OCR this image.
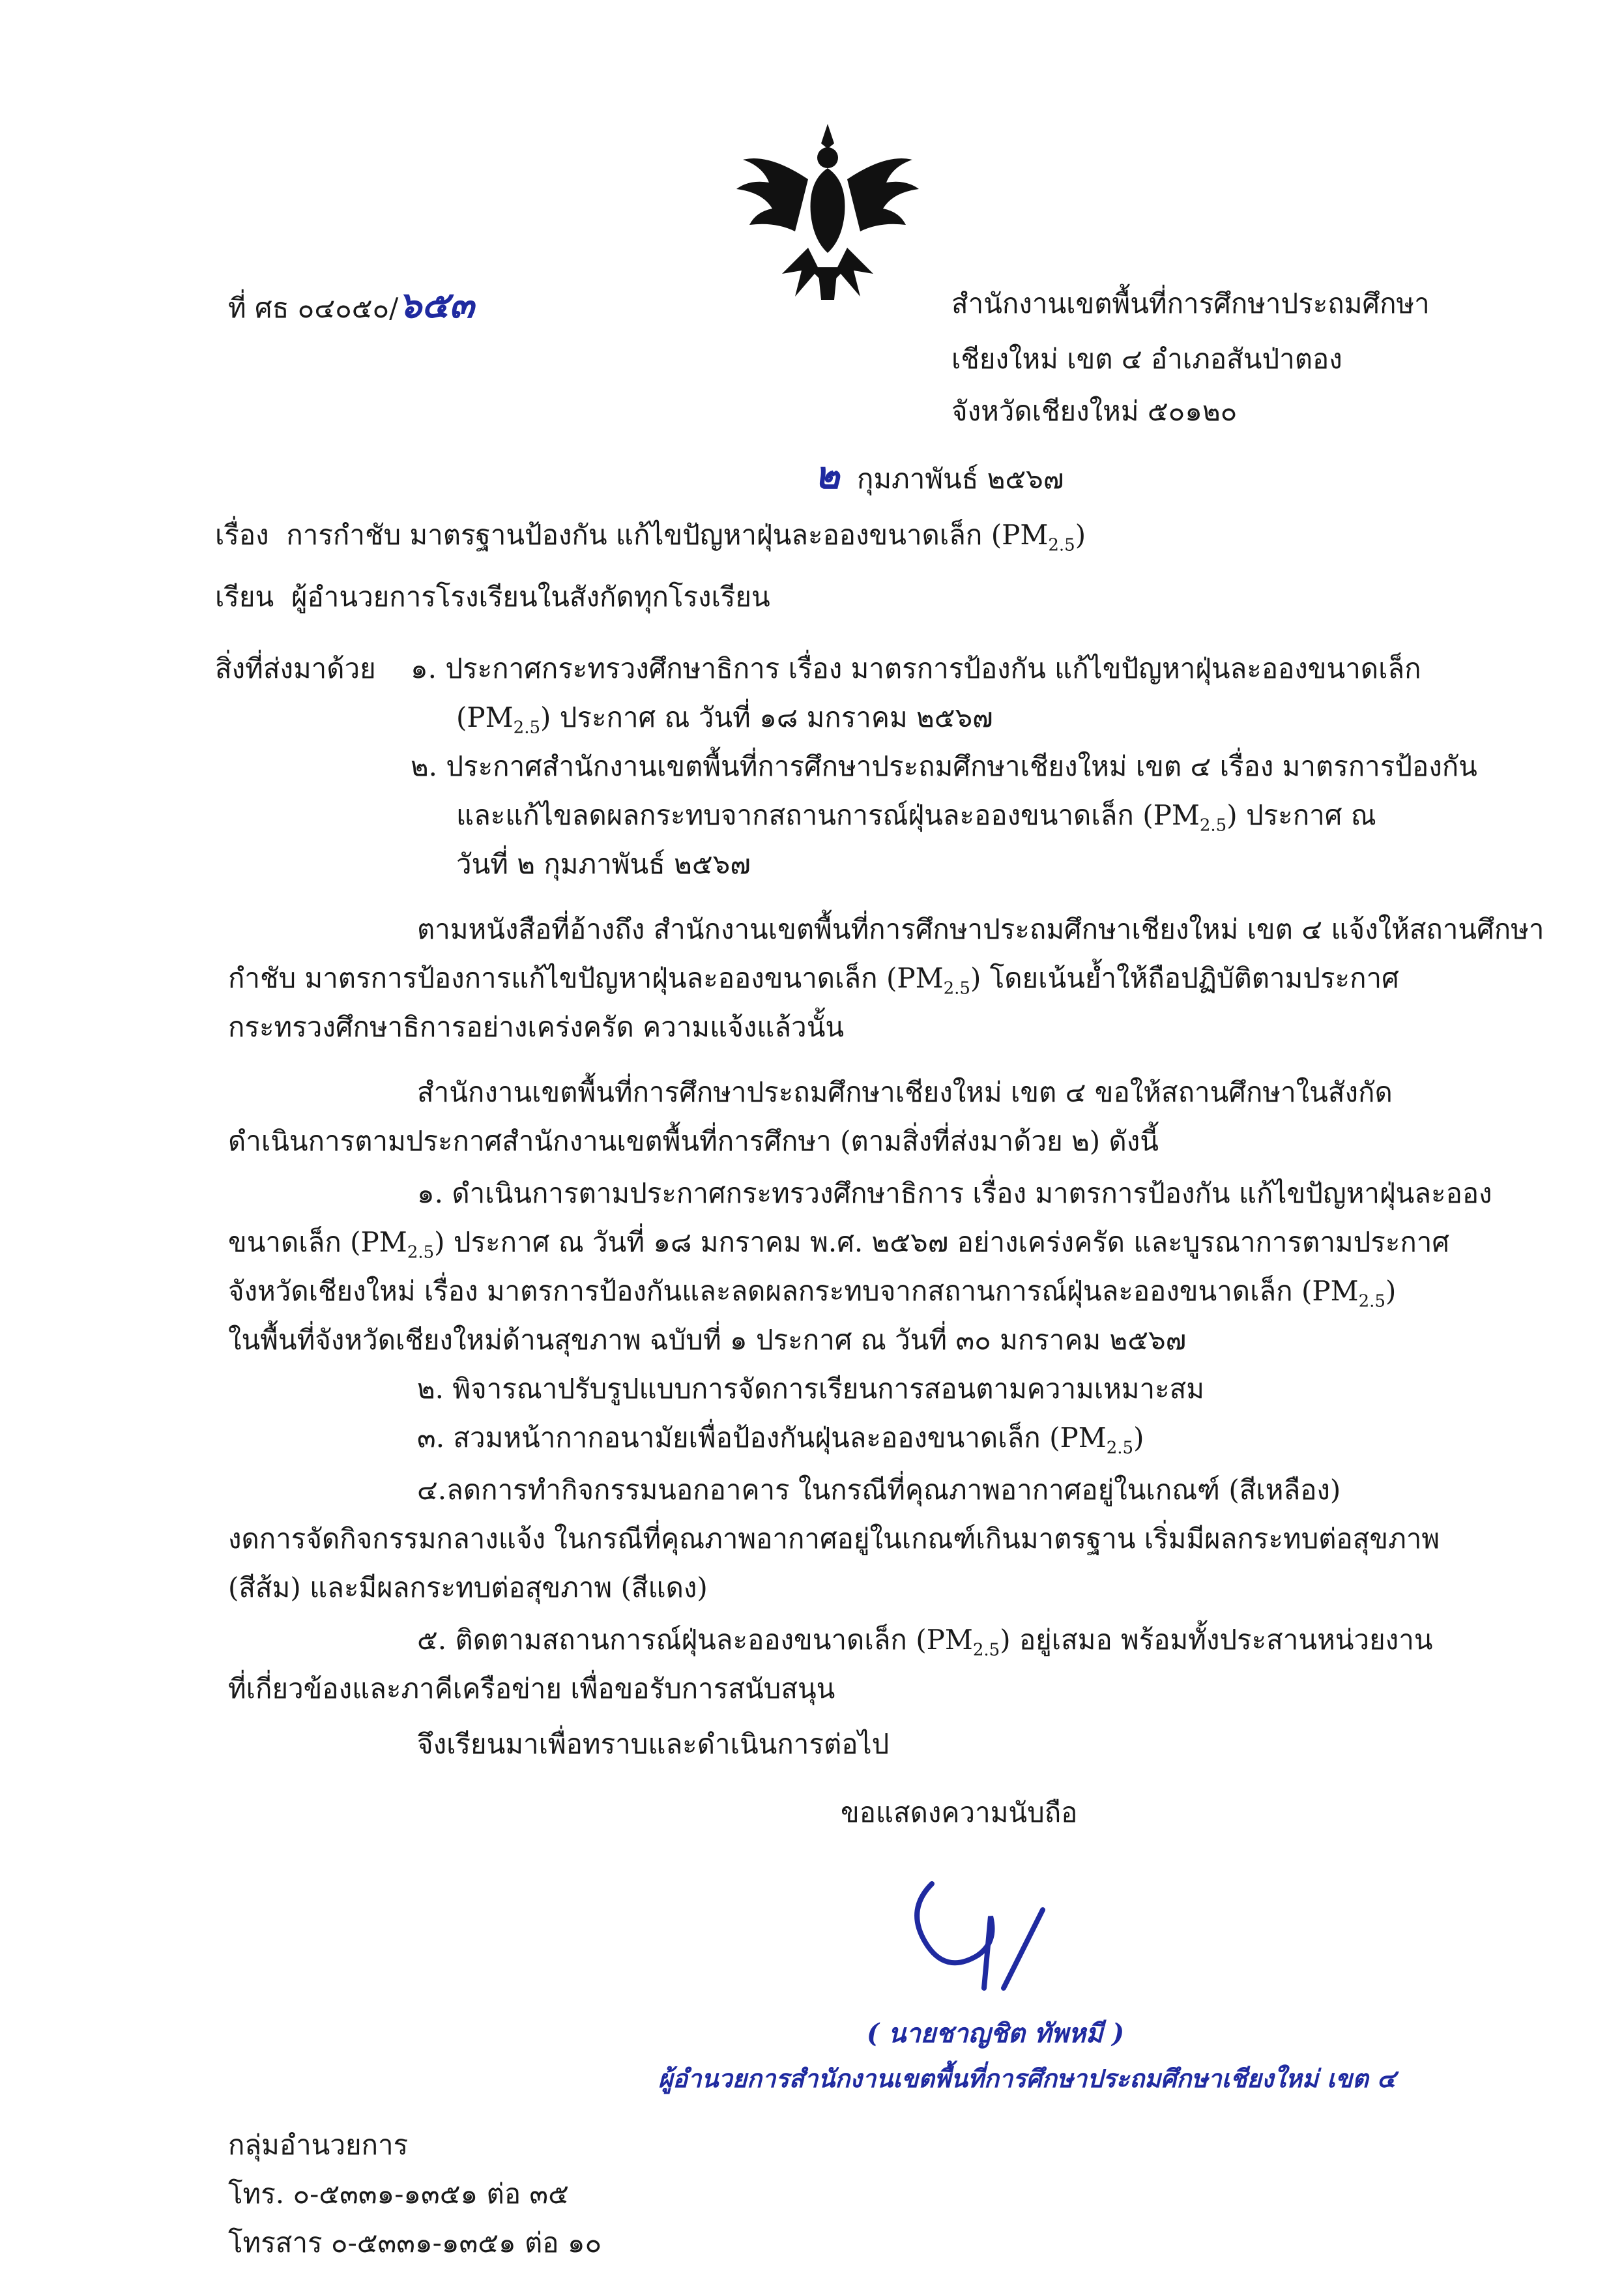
ที่ ศธ ๐๔๐๕๐/๖๕๓	สำนักงานเขตพื้นที่การศึกษาประถมศึกษา
เชียงใหม่ เขต ๔ อำเภอสันป่าตอง
จังหวัดเชียงใหม่ ๕๐๑๒๐
๒ กุมภาพันธ์ ๒๕๖๗
เรื่อง การกำชับ มาตรฐานป้องกัน แก้ไขปัญหาฝุ่นละอองขนาดเล็ก $(PM_{2.5})$
เรียน ผู้อำนวยการโรงเรียนในสังกัดทุกโรงเรียน
สิ่งที่ส่งมาด้วย ๑. ประกาศกระทรวงศึกษาธิการ เรื่อง มาตรการป้องกัน แก้ไขปัญหาฝุ่นละอองขนาดเล็ก
$(PM_{2.5})$ ประกาศ ณ วันที่ ๑๘ มกราคม ๒๕๖๗
๒. ประกาศสำนักงานเขตพื้นที่การศึกษาประถมศึกษาเชียงใหม่ เขต ๔ เรื่อง มาตรการป้องกัน
และแก้ไขลดผลกระทบจากสถานการณ์ฝุ่นละอองขนาดเล็ก $(PM_{2.5})$ ประกาศ ณ
วันที่ ๒ กุมภาพันธ์ ๒๕๖๗
ตามหนังสือที่อ้างถึง สำนักงานเขตพื้นที่การศึกษาประถมศึกษาเชียงใหม่ เขต ๔ แจ้งให้สถานศึกษา
กำชับ มาตรการป้องการแก้ไขปัญหาฝุ่นละอองขนาดเล็ก $(PM_{2.5})$ โดยเน้นย้ำให้ถือปฏิบัติตามประกาศ
กระทรวงศึกษาธิการอย่างเคร่งครัด ความแจ้งแล้วนั้น
สำนักงานเขตพื้นที่การศึกษาประถมศึกษาเชียงใหม่ เขต ๔ ขอให้สถานศึกษาในสังกัด
ดำเนินการตามประกาศสำนักงานเขตพื้นที่การศึกษา (ตามสิ่งที่ส่งมาด้วย ๒) ดังนี้
๑. ดำเนินการตามประกาศกระทรวงศึกษาธิการ เรื่อง มาตรการป้องกัน แก้ไขปัญหาฝุ่นละออง
ขนาดเล็ก $(PM_{2.5})$ ประกาศ ณ วันที่ ๑๘ มกราคม พ.ศ. ๒๕๖๗ อย่างเคร่งครัด และบูรณาการตามประกาศ
จังหวัดเชียงใหม่ เรื่อง มาตรการป้องกันและลดผลกระทบจากสถานการณ์ฝุ่นละอองขนาดเล็ก $(PM_{2.5})$
ในพื้นที่จังหวัดเชียงใหม่ด้านสุขภาพ ฉบับที่ ๑ ประกาศ ณ วันที่ ๓๐ มกราคม ๒๕๖๗
๒. พิจารณาปรับรูปแบบการจัดการเรียนการสอนตามความเหมาะสม
๓. สวมหน้ากากอนามัยเพื่อป้องกันฝุ่นละอองขนาดเล็ก $(PM_{2.5})$
๔.ลดการทำกิจกรรมนอกอาคาร ในกรณีที่คุณภาพอากาศอยู่ในเกณฑ์ (สีเหลือง)
งดการจัดกิจกรรมกลางแจ้ง ในกรณีที่คุณภาพอากาศอยู่ในเกณฑ์เกินมาตรฐาน เริ่มมีผลกระทบต่อสุขภาพ
(สีส้ม) และมีผลกระทบต่อสุขภาพ (สีแดง)
๕. ติดตามสถานการณ์ฝุ่นละอองขนาดเล็ก $(PM_{2.5})$ อยู่เสมอ พร้อมทั้งประสานหน่วยงาน
ที่เกี่ยวข้องและภาคีเครือข่าย เพื่อขอรับการสนับสนุน
จึงเรียนมาเพื่อทราบและดำเนินการต่อไป
ขอแสดงความนับถือ
( นายชาญชิต ทัพหมี )
ผู้อำนวยการสำนักงานเขตพื้นที่การศึกษาประถมศึกษาเชียงใหม่ เขต ๔
กลุ่มอำนวยการ
โทร. ๐-๕๓๓๑-๑๓๕๑ ต่อ ๓๕
โทรสาร ๐-๕๓๓๑-๑๓๕๑ ต่อ ๑๐
